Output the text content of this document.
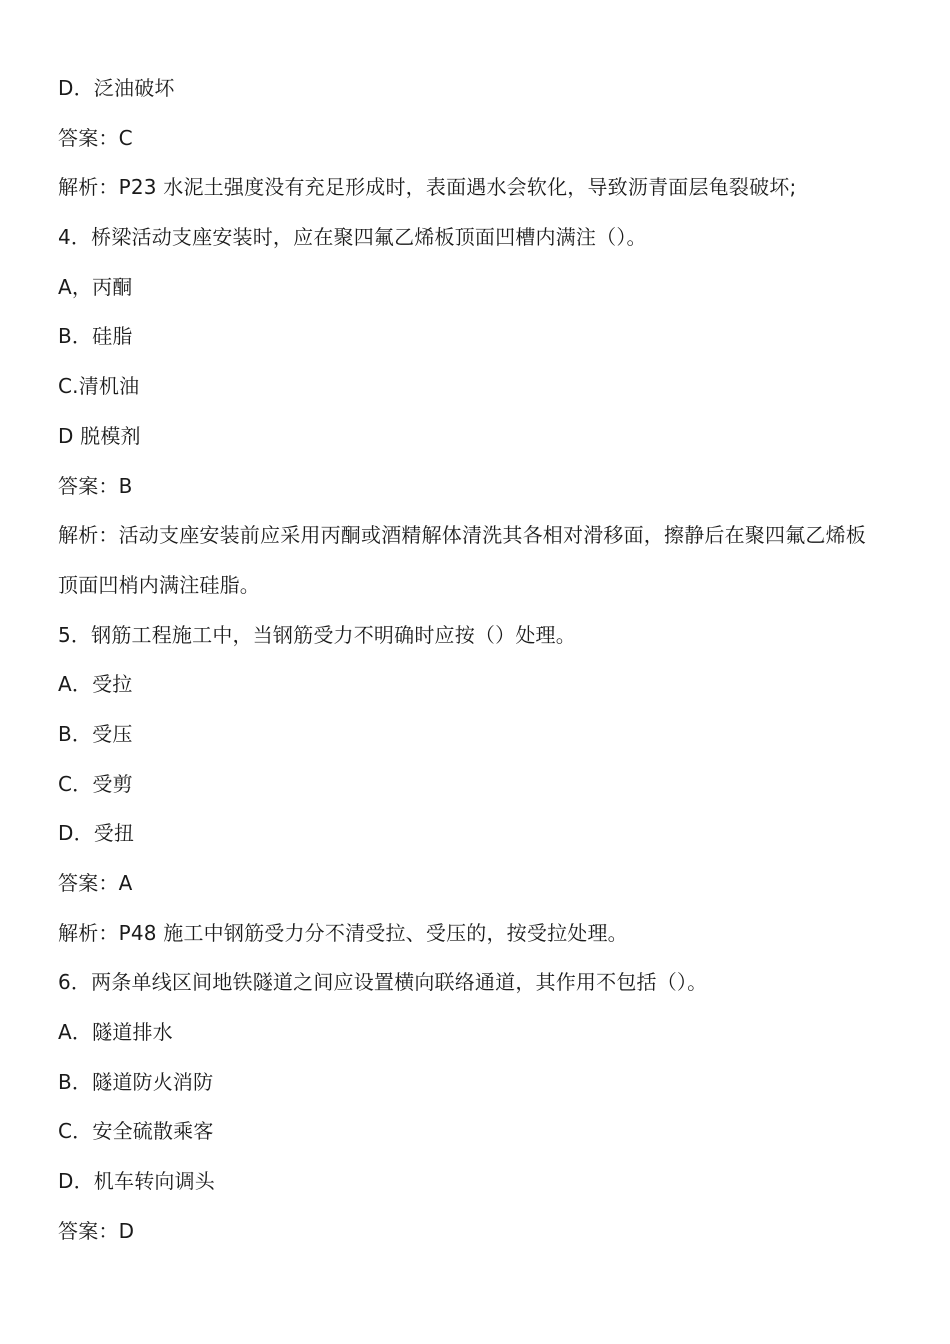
D．泛油破坏
答案：C
解析：P23 水泥土强度没有充足形成时，表面遇水会软化，导致沥青面层龟裂破坏;
4．桥梁活动支座安装时，应在聚四氟乙烯板顶面凹槽内满注（）。
A，丙酮
B．硅脂
C.清机油
D 脱模剂
答案：B
解析：活动支座安装前应采用丙酮或酒精解体清洗其各相对滑移面，擦静后在聚四氟乙烯板
顶面凹梢内满注硅脂。
5．钢筋工程施工中，当钢筋受力不明确时应按（）处理。
A．受拉
B．受压
C．受剪
D．受扭
答案：A
解析：P48 施工中钢筋受力分不清受拉、受压的，按受拉处理。
6．两条单线区间地铁隧道之间应设置横向联络通道，其作用不包括（）。
A．隧道排水
B．隧道防火消防
C．安全硫散乘客
D．机车转向调头
答案：D
